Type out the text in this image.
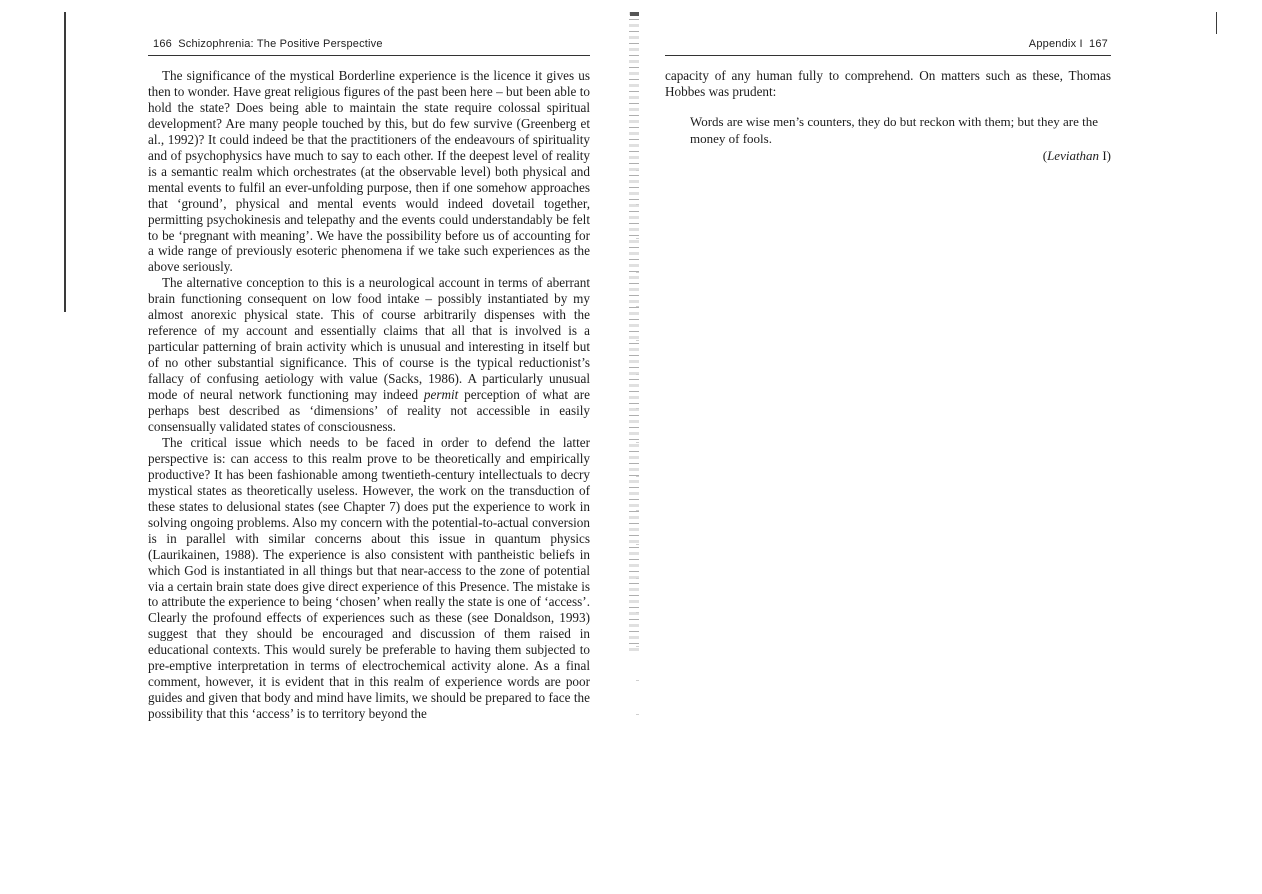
166 Schizophrenia: The Positive Perspective

The significance of the mystical Borderline experience is the licence it gives us then to wonder. Have great religious figures of the past been here – but been able to hold the state? Does being able to maintain the state require colossal spiritual development? Are many people touched by this, but do few survive (Greenberg et al., 1992)? It could indeed be that the practitioners of the endeavours of spirituality and of psychophysics have much to say to each other. If the deepest level of reality is a semantic realm which orchestrates (at the observable level) both physical and mental events to fulfil an ever-unfolding purpose, then if one somehow approaches that ‘ground’, physical and mental events would indeed dovetail together, permitting psychokinesis and telepathy and the events could understandably be felt to be ‘pregnant with meaning’. We have the possibility before us of accounting for a wide range of previously esoteric phenomena if we take such experiences as the above seriously.

The alternative conception to this is a neurological account in terms of aberrant brain functioning consequent on low food intake – possibly instantiated by my almost anorexic physical state. This of course arbitrarily dispenses with the reference of my account and essentially claims that all that is involved is a particular patterning of brain activity which is unusual and interesting in itself but of no other substantial significance. This of course is the typical reductionist’s fallacy of confusing aetiology with value (Sacks, 1986). A particularly unusual mode of neural network functioning may indeed permit perception of what are perhaps best described as ‘dimensions’ of reality not accessible in easily consensually validated states of consciousness.

The critical issue which needs to be faced in order to defend the latter perspective is: can access to this realm prove to be theoretically and empirically productive? It has been fashionable among twentieth-century intellectuals to decry mystical states as theoretically useless. However, the work on the transduction of these states to delusional states (see Chapter 7) does put the experience to work in solving ongoing problems. Also my concern with the potential-to-actual conversion is in parallel with similar concerns about this issue in quantum physics (Laurikainen, 1988). The experience is also consistent with pantheistic beliefs in which God is instantiated in all things but that near-access to the zone of potential via a certain brain state does give direct experience of this Presence. The mistake is to attribute the experience to being ‘chosen’ when really the state is one of ‘access’. Clearly the profound effects of experiences such as these (see Donaldson, 1993) suggest that they should be encouraged and discussion of them raised in educational contexts. This would surely be preferable to having them subjected to pre-emptive interpretation in terms of electrochemical activity alone. As a final comment, however, it is evident that in this realm of experience words are poor guides and given that body and mind have limits, we should be prepared to face the possibility that this ‘access’ is to territory beyond the

Appendix I 167

capacity of any human fully to comprehend. On matters such as these, Thomas Hobbes was prudent:

Words are wise men’s counters, they do but reckon with them; but they are the money of fools.
(Leviathan I)
